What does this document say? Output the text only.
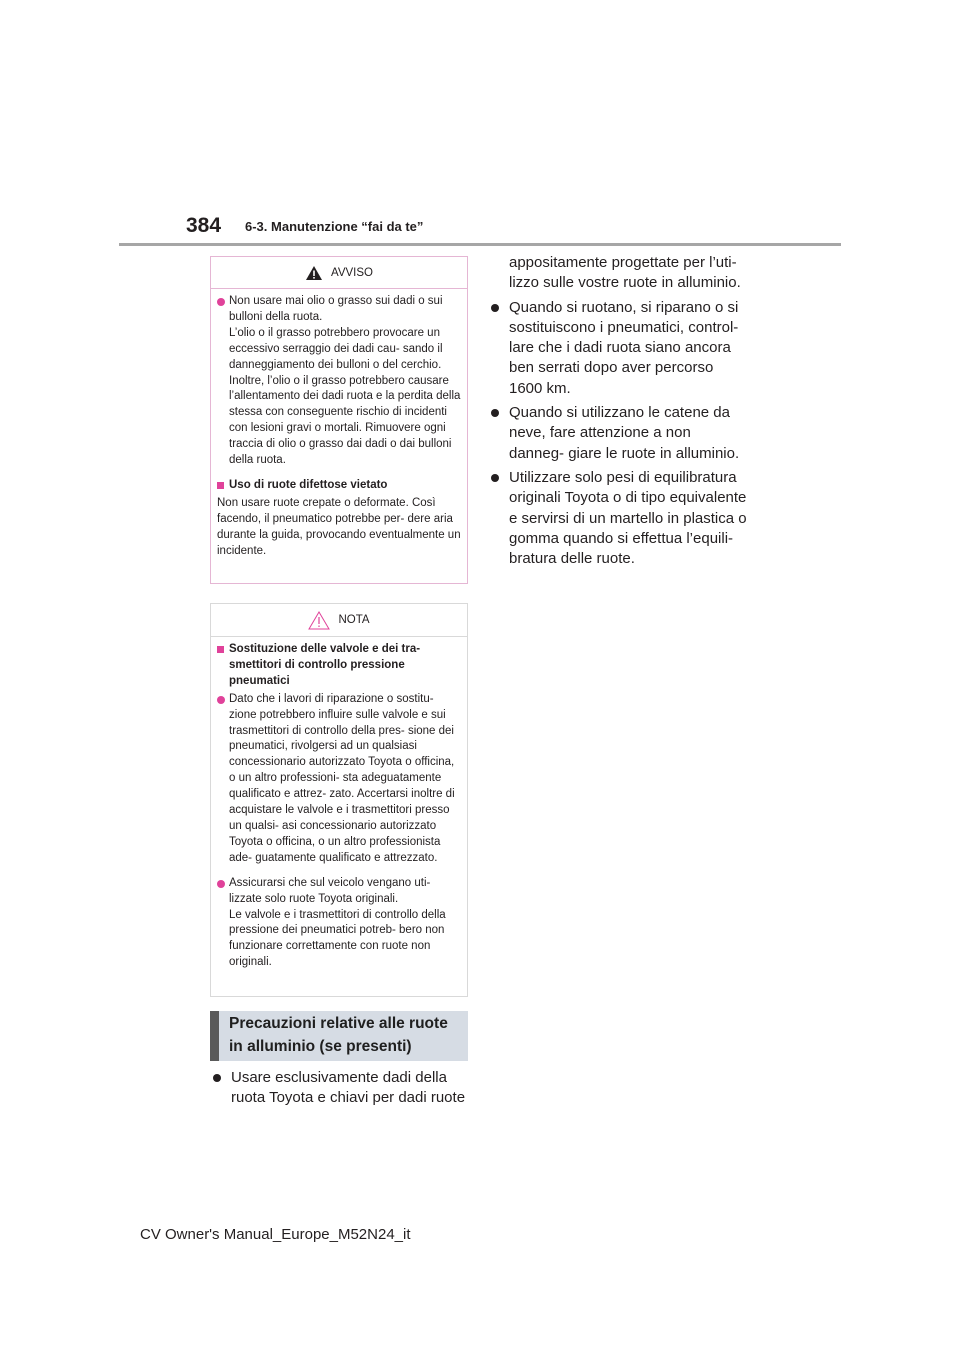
384 6-3. Manutenzione “fai da te”
AVVISO
Non usare mai olio o grasso sui dadi o sui bulloni della ruota.
L’olio o il grasso potrebbero provocare un eccessivo serraggio dei dadi cau- sando il danneggiamento dei bulloni o del cerchio. Inoltre, l’olio o il grasso potrebbero causare l’allentamento dei dadi ruota e la perdita della stessa con conseguente rischio di incidenti con lesioni gravi o mortali. Rimuovere ogni traccia di olio o grasso dai dadi o dai bulloni della ruota.
Uso di ruote difettose vietato
Non usare ruote crepate o deformate. Così facendo, il pneumatico potrebbe per- dere aria durante la guida, provocando eventualmente un incidente.
NOTA
Sostituzione delle valvole e dei tra- smettitori di controllo pressione pneumatici
Dato che i lavori di riparazione o sostitu- zione potrebbero influire sulle valvole e sui trasmettitori di controllo della pres- sione dei pneumatici, rivolgersi ad un qualsiasi concessionario autorizzato Toyota o officina, o un altro professioni- sta adeguatamente qualificato e attrez- zato. Accertarsi inoltre di acquistare le valvole e i trasmettitori presso un qualsi- asi concessionario autorizzato Toyota o officina, o un altro professionista ade- guatamente qualificato e attrezzato.
Assicurarsi che sul veicolo vengano uti- lizzate solo ruote Toyota originali.
Le valvole e i trasmettitori di controllo della pressione dei pneumatici potreb- bero non funzionare correttamente con ruote non originali.
Precauzioni relative alle ruote in alluminio (se presenti)
Usare esclusivamente dadi della ruota Toyota e chiavi per dadi ruote
appositamente progettate per l’uti- lizzo sulle vostre ruote in alluminio.
Quando si ruotano, si riparano o si sostituiscono i pneumatici, control- lare che i dadi ruota siano ancora ben serrati dopo aver percorso 1600 km.
Quando si utilizzano le catene da neve, fare attenzione a non danneg- giare le ruote in alluminio.
Utilizzare solo pesi di equilibratura originali Toyota o di tipo equivalente e servirsi di un martello in plastica o gomma quando si effettua l’equili- bratura delle ruote.
CV Owner's Manual_Europe_M52N24_it
